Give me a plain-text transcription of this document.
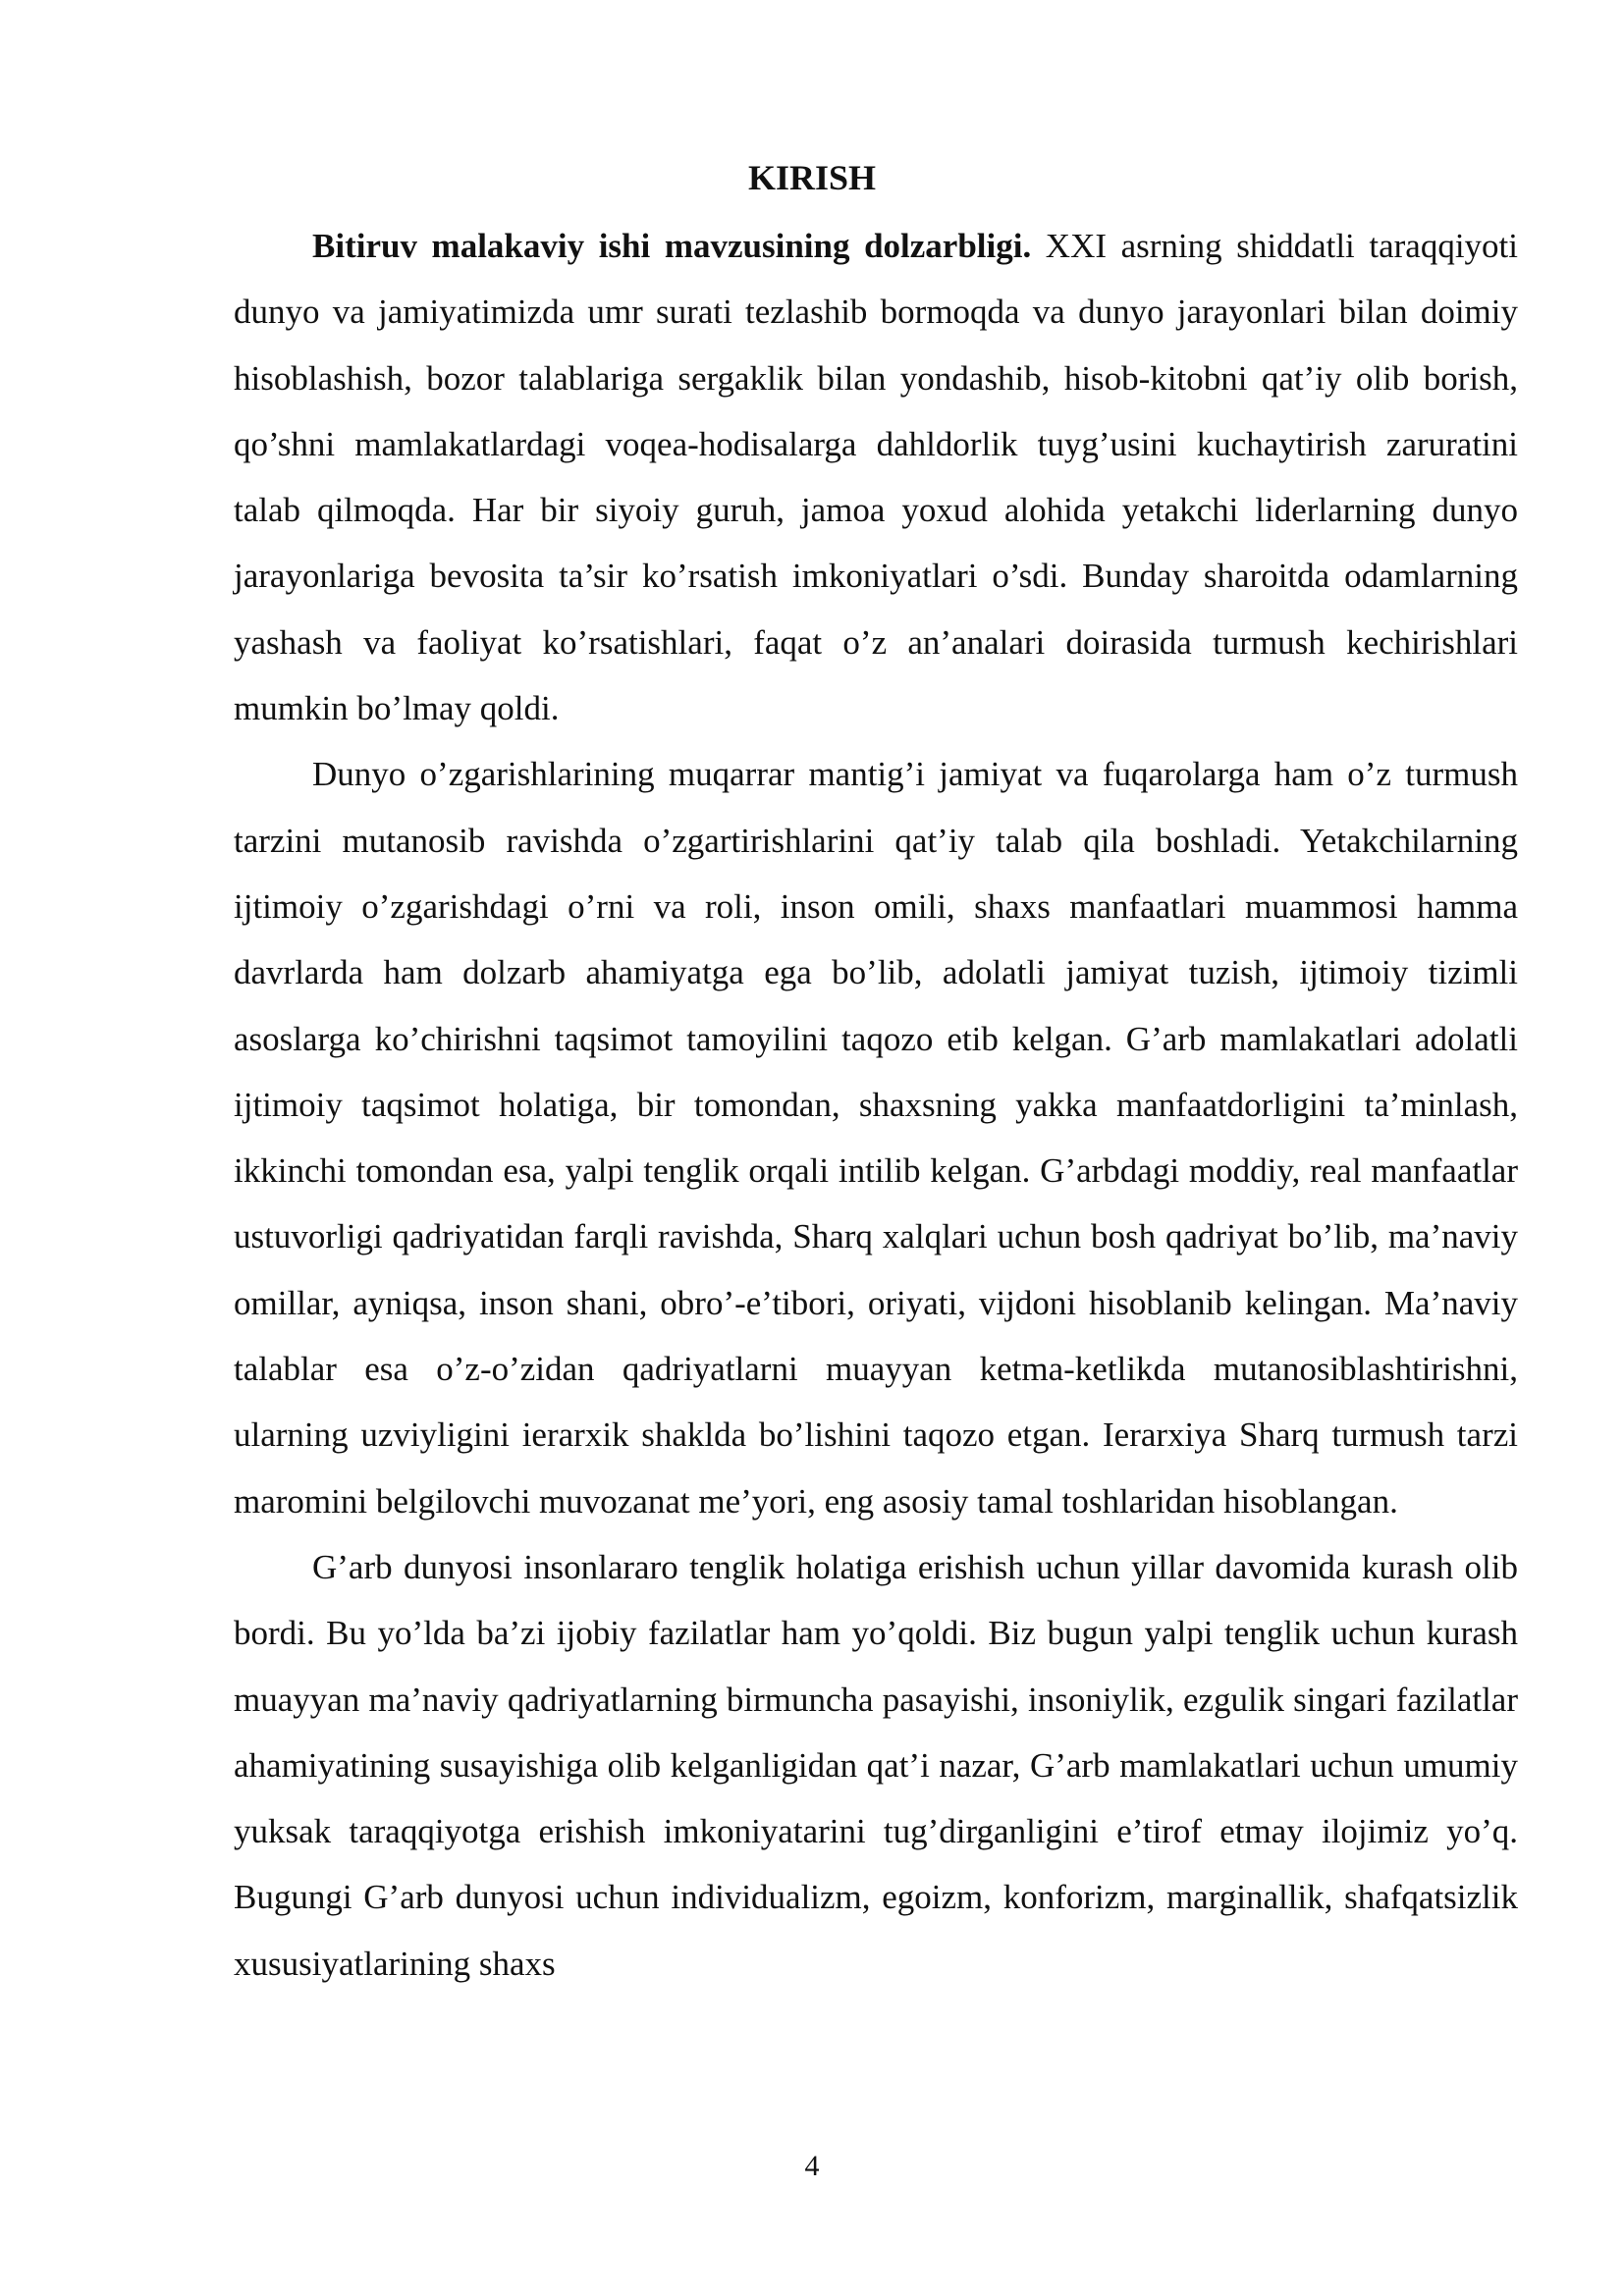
KIRISH

Bitiruv malakaviy ishi mavzusining dolzarbligi. XXI asrning shiddatli taraqqiyoti dunyo va jamiyatimizda umr surati tezlashib bormoqda va dunyo jarayonlari bilan doimiy hisoblashish, bozor talablariga sergaklik bilan yondashib, hisob-kitobni qat’iy olib borish, qo’shni mamlakatlardagi voqea-hodisalarga dahldorlik tuyg’usini kuchaytirish zaruratini talab qilmoqda. Har bir siyoiy guruh, jamoa yoxud alohida yetakchi liderlarning dunyo jarayonlariga bevosita ta’sir ko’rsatish imkoniyatlari o’sdi. Bunday sharoitda odamlarning yashash va faoliyat ko’rsatishlari, faqat o’z an’analari doirasida turmush kechirishlari mumkin bo’lmay qoldi.

Dunyo o’zgarishlarining muqarrar mantig’i jamiyat va fuqarolarga ham o’z turmush tarzini mutanosib ravishda o’zgartirishlarini qat’iy talab qila boshladi. Yetakchilarning ijtimoiy o’zgarishdagi o’rni va roli, inson omili, shaxs manfaatlari muammosi hamma davrlarda ham dolzarb ahamiyatga ega bo’lib, adolatli jamiyat tuzish, ijtimoiy tizimli asoslarga ko’chirishni taqsimot tamoyilini taqozo etib kelgan. G’arb mamlakatlari adolatli ijtimoiy taqsimot holatiga, bir tomondan, shaxsning yakka manfaatdorligini ta’minlash, ikkinchi tomondan esa, yalpi tenglik orqali intilib kelgan. G’arbdagi moddiy, real manfaatlar ustuvorligi qadriyatidan farqli ravishda, Sharq xalqlari uchun bosh qadriyat bo’lib, ma’naviy omillar, ayniqsa, inson shani, obro’-e’tibori, oriyati, vijdoni hisoblanib kelingan. Ma’naviy talablar esa o’z-o’zidan qadriyatlarni muayyan ketma-ketlikda mutanosiblashtirishni, ularning uzviyligini ierarxik shaklda bo’lishini taqozo etgan. Ierarxiya Sharq turmush tarzi maromini belgilovchi muvozanat me’yori, eng asosiy tamal toshlaridan hisoblangan.

G’arb dunyosi insonlararo tenglik holatiga erishish uchun yillar davomida kurash olib bordi. Bu yo’lda ba’zi ijobiy fazilatlar ham yo’qoldi. Biz bugun yalpi tenglik uchun kurash muayyan ma’naviy qadriyatlarning birmuncha pasayishi, insoniylik, ezgulik singari fazilatlar ahamiyatining susayishiga olib kelganligidan qat’i nazar, G’arb mamlakatlari uchun umumiy yuksak taraqqiyotga erishish imkoniyatarini tug’dirganligini e’tirof etmay ilojimiz yo’q. Bugungi G’arb dunyosi uchun individualizm, egoizm, konforizm, marginallik, shafqatsizlik xususiyatlarining shaxs

4
